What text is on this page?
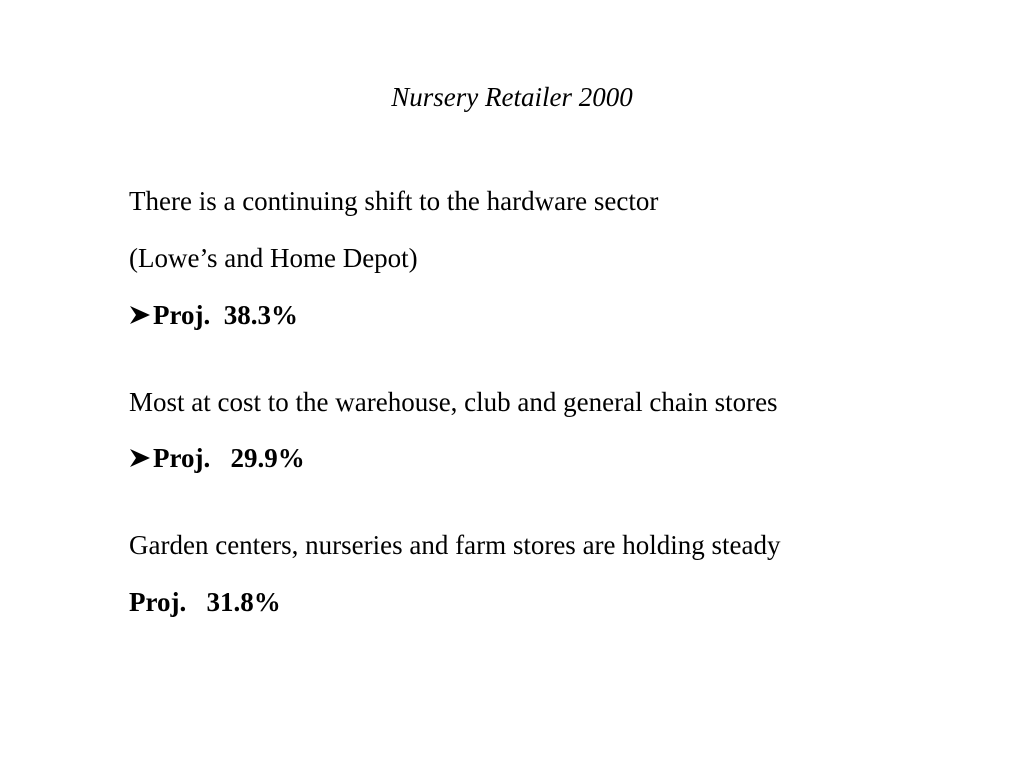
Nursery Retailer 2000
There is a continuing shift to the hardware sector
(Lowe’s and Home Depot)
Proj.  38.3%
Most at cost to the warehouse, club and general chain stores
Proj.   29.9%
Garden centers, nurseries and farm stores are holding steady
Proj.   31.8%
